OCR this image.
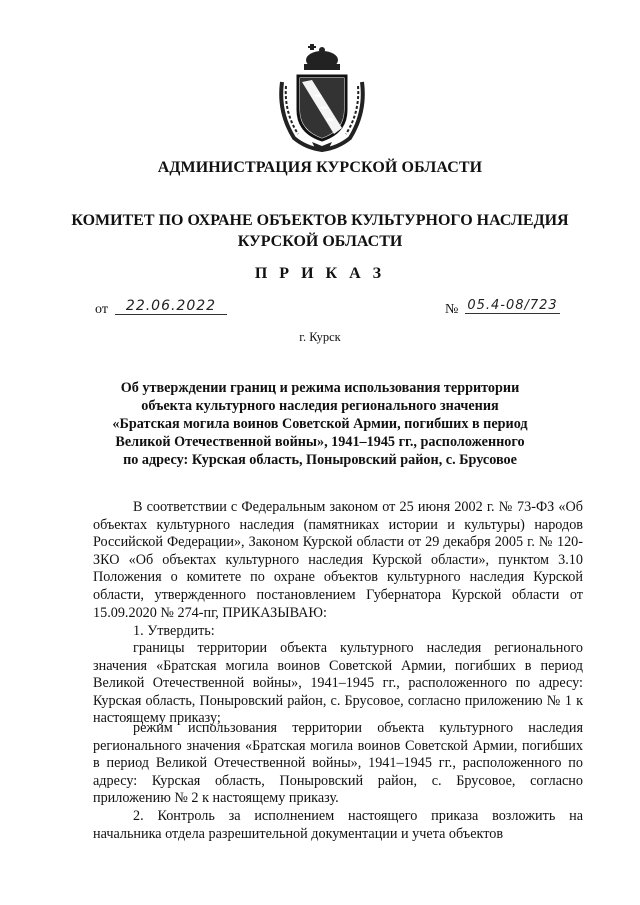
АДМИНИСТРАЦИЯ КУРСКОЙ ОБЛАСТИ
КОМИТЕТ ПО ОХРАНЕ ОБЪЕКТОВ КУЛЬТУРНОГО НАСЛЕДИЯ
КУРСКОЙ ОБЛАСТИ
П Р И К А З
от	22.06.2022	№ 05.4-08/723
г. Курск
Об утверждении границ и режима использования территории
объекта культурного наследия регионального значения
«Братская могила воинов Советской Армии, погибших в период
Великой Отечественной войны», 1941–1945 гг., расположенного
по адресу: Курская область, Поныровский район, с. Брусовое

В соответствии с Федеральным законом от 25 июня 2002 г. № 73-ФЗ «Об объектах культурного наследия (памятниках истории и культуры) народов Российской Федерации», Законом Курской области от 29 декабря 2005 г. № 120-ЗКО «Об объектах культурного наследия Курской области», пунктом 3.10 Положения о комитете по охране объектов культурного наследия Курской области, утвержденного постановлением Губернатора Курской области от 15.09.2020 № 274-пг, ПРИКАЗЫВАЮ:

1. Утвердить:

границы территории объекта культурного наследия регионального значения «Братская могила воинов Советской Армии, погибших в период Великой Отечественной войны», 1941–1945 гг., расположенного по адресу: Курская область, Поныровский район, с. Брусовое, согласно приложению № 1 к настоящему приказу;

режим использования территории объекта культурного наследия регионального значения «Братская могила воинов Советской Армии, погибших в период Великой Отечественной войны», 1941–1945 гг., расположенного по адресу: Курская область, Поныровский район, с. Брусовое, согласно приложению № 2 к настоящему приказу.

2. Контроль за исполнением настоящего приказа возложить на начальника отдела разрешительной документации и учета объектов
